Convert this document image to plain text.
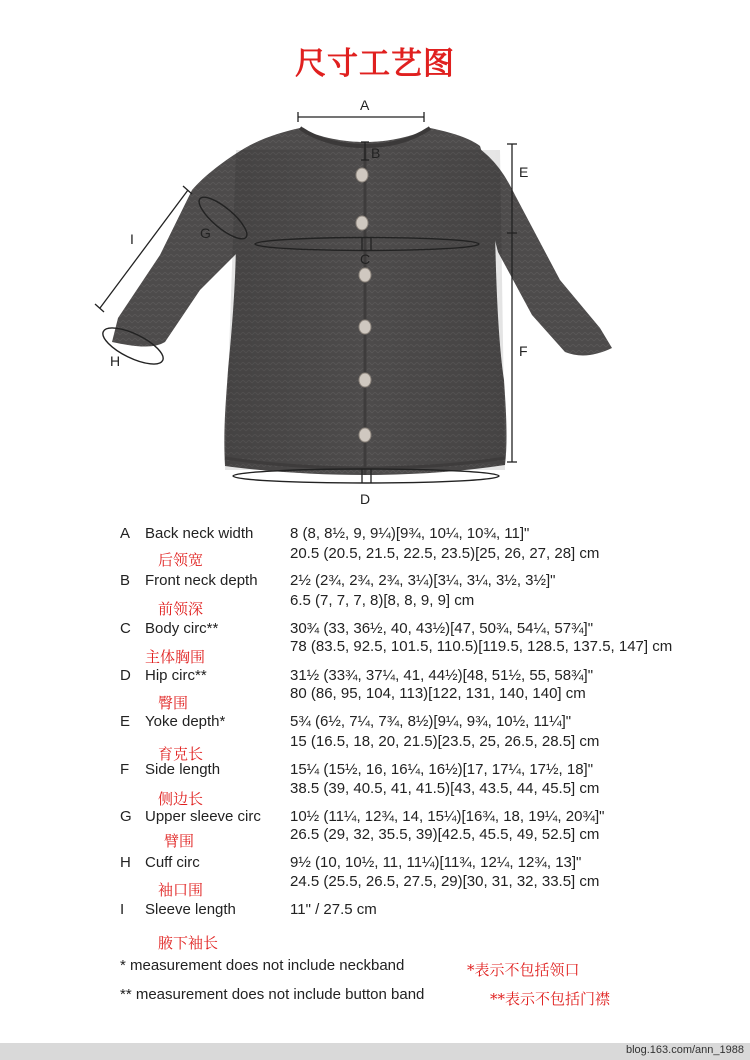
尺寸工艺图
A
B
C
D
E
F
G
H
I
A Back neck width 8 (8, 8½, 9, 9¼)[9¾, 10¼, 10¾, 11]"
20.5 (20.5, 21.5, 22.5, 23.5)[25, 26, 27, 28] cm
后领宽
B Front neck depth 2½ (2¾, 2¾, 2¾, 3¼)[3¼, 3¼, 3½, 3½]"
6.5 (7, 7, 7, 8)[8, 8, 9, 9] cm
前领深
C Body circ**	30¾ (33, 36½, 40, 43½)[47, 50¾, 54¼, 57¾]"
78 (83.5, 92.5, 101.5, 110.5)[119.5, 128.5, 137.5, 147] cm
主体胸围
D Hip circ**	31½ (33¾, 37¼, 41, 44½)[48, 51½, 55, 58¾]"
80 (86, 95, 104, 113)[122, 131, 140, 140] cm
臀围
E Yoke depth*	5¾ (6½, 7¼, 7¾, 8½)[9¼, 9¾, 10½, 11¼]"
15 (16.5, 18, 20, 21.5)[23.5, 25, 26.5, 28.5] cm
育克长
F Side length	15¼ (15½, 16, 16¼, 16½)[17, 17¼, 17½, 18]"
38.5 (39, 40.5, 41, 41.5)[43, 43.5, 44, 45.5] cm
侧边长
G Upper sleeve circ 10½ (11¼, 12¾, 14, 15¼)[16¾, 18, 19¼, 20¾]"
26.5 (29, 32, 35.5, 39)[42.5, 45.5, 49, 52.5] cm
臂围
H Cuff circ	9½ (10, 10½, 11, 11¼)[11¾, 12¼, 12¾, 13]"
24.5 (25.5, 26.5, 27.5, 29)[30, 31, 32, 33.5] cm
袖口围
I Sleeve length	11" / 27.5 cm
腋下袖长
* measurement does not include neckband	*表示不包括领口
** measurement does not include button band	**表示不包括门襟
blog.163.com/ann_1988
